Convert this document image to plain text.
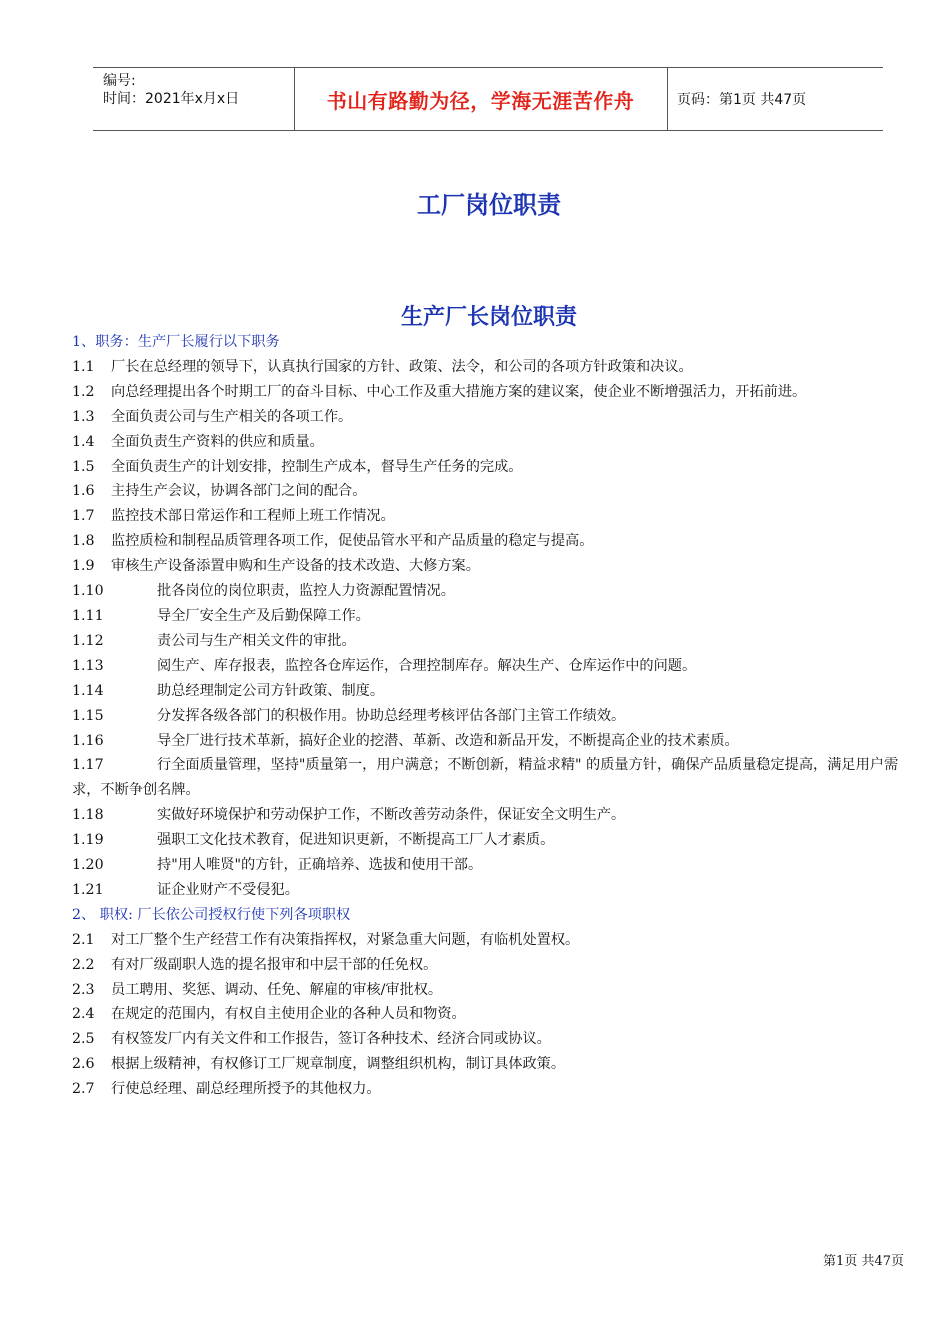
编号:
时间：2021年x月x日	书山有路勤为径，学海无涯苦作舟	页码：第1页 共47页
工厂岗位职责
生产厂长岗位职责
1、职务：生产厂长履行以下职务
1.1 厂长在总经理的领导下，认真执行国家的方针、政策、法令，和公司的各项方针政策和决议。
1.2 向总经理提出各个时期工厂的奋斗目标、中心工作及重大措施方案的建议案，使企业不断增强活力，开拓前进。
1.3 全面负责公司与生产相关的各项工作。
1.4 全面负责生产资料的供应和质量。
1.5 全面负责生产的计划安排，控制生产成本，督导生产任务的完成。
1.6 主持生产会议，协调各部门之间的配合。
1.7 监控技术部日常运作和工程师上班工作情况。
1.8 监控质检和制程品质管理各项工作，促使品管水平和产品质量的稳定与提高。
1.9 审核生产设备添置申购和生产设备的技术改造、大修方案。
1.10	批各岗位的岗位职责，监控人力资源配置情况。
1.11	导全厂安全生产及后勤保障工作。
1.12	责公司与生产相关文件的审批。
1.13	阅生产、库存报表，监控各仓库运作，合理控制库存。解决生产、仓库运作中的问题。
1.14	助总经理制定公司方针政策、制度。
1.15	分发挥各级各部门的积极作用。协助总经理考核评估各部门主管工作绩效。
1.16	导全厂进行技术革新，搞好企业的挖潜、革新、改造和新品开发，不断提高企业的技术素质。
1.17	行全面质量管理，坚持"质量第一，用户满意；不断创新，精益求精" 的质量方针，确保产品质量稳定提高，满足用户需求，不断争创名牌。
1.18	实做好环境保护和劳动保护工作，不断改善劳动条件，保证安全文明生产。
1.19	强职工文化技术教育，促进知识更新，不断提高工厂人才素质。
1.20	持"用人唯贤"的方针，正确培养、选拔和使用干部。
1.21	证企业财产不受侵犯。
2、 职权: 厂长依公司授权行使下列各项职权
2.1 对工厂整个生产经营工作有决策指挥权，对紧急重大问题，有临机处置权。
2.2 有对厂级副职人选的提名报审和中层干部的任免权。
2.3 员工聘用、奖惩、调动、任免、解雇的审核/审批权。
2.4 在规定的范围内，有权自主使用企业的各种人员和物资。
2.5 有权签发厂内有关文件和工作报告，签订各种技术、经济合同或协议。
2.6 根据上级精神，有权修订工厂规章制度，调整组织机构，制订具体政策。
2.7 行使总经理、副总经理所授予的其他权力。
第1页 共47页
